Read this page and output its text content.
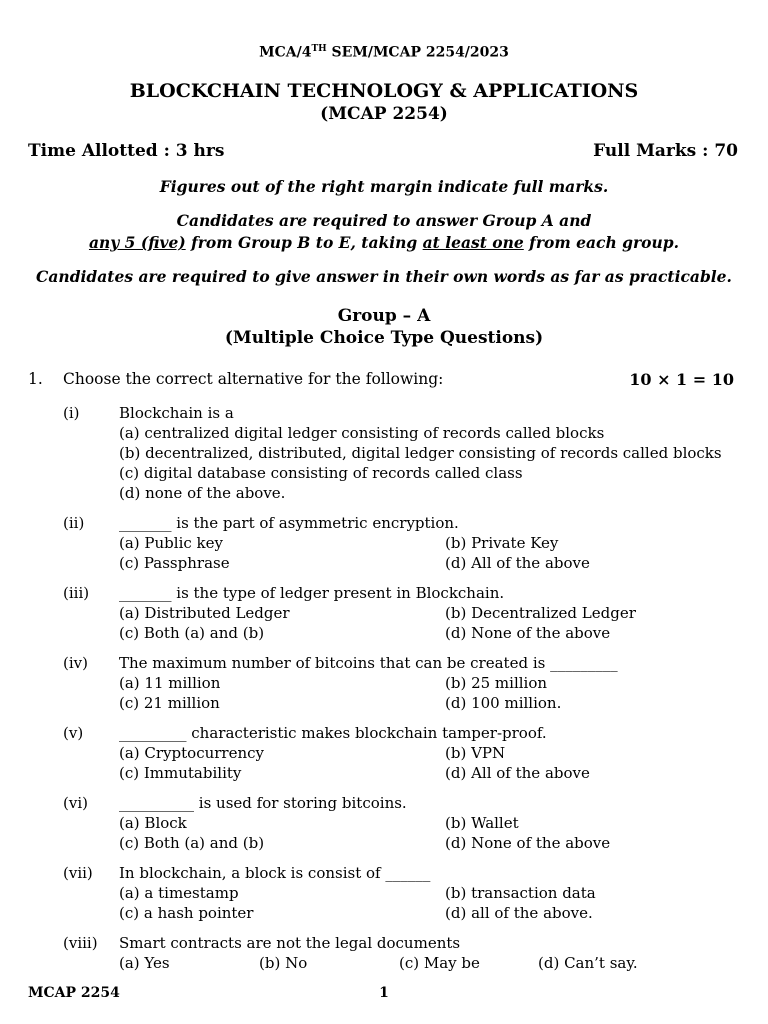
MCA/4TH SEM/MCAP 2254/2023
BLOCKCHAIN TECHNOLOGY & APPLICATIONS
(MCAP 2254)
Time Allotted : 3 hrs	Full Marks : 70
Figures out of the right margin indicate full marks.
Candidates are required to answer Group A and
any 5 (five) from Group B to E, taking at least one from each group.
Candidates are required to give answer in their own words as far as practicable.
Group – A
(Multiple Choice Type Questions)
1. Choose the correct alternative for the following:	10 × 1 = 10
(i)	Blockchain is a
(a) centralized digital ledger consisting of records called blocks
(b) decentralized, distributed, digital ledger consisting of records called blocks
(c) digital database consisting of records called class
(d) none of the above.
(ii) _______ is the part of asymmetric encryption.
(a) Public key	(b) Private Key
(c) Passphrase	(d) All of the above
(iii) _______ is the type of ledger present in Blockchain.
(a) Distributed Ledger	(b) Decentralized Ledger
(c) Both (a) and (b)	(d) None of the above
(iv) The maximum number of bitcoins that can be created is _________
(a) 11 million	(b) 25 million
(c) 21 million	(d) 100 million.
(v) _________ characteristic makes blockchain tamper-proof.
(a) Cryptocurrency	(b) VPN
(c) Immutability	(d) All of the above
(vi) __________ is used for storing bitcoins.
(a) Block	(b) Wallet
(c) Both (a) and (b)	(d) None of the above
(vii) In blockchain, a block is consist of ______
(a) a timestamp	(b) transaction data
(c) a hash pointer	(d) all of the above.
(viii) Smart contracts are not the legal documents
(a) Yes	(b) No	(c) May be	(d) Can’t say.
MCAP 2254	1
